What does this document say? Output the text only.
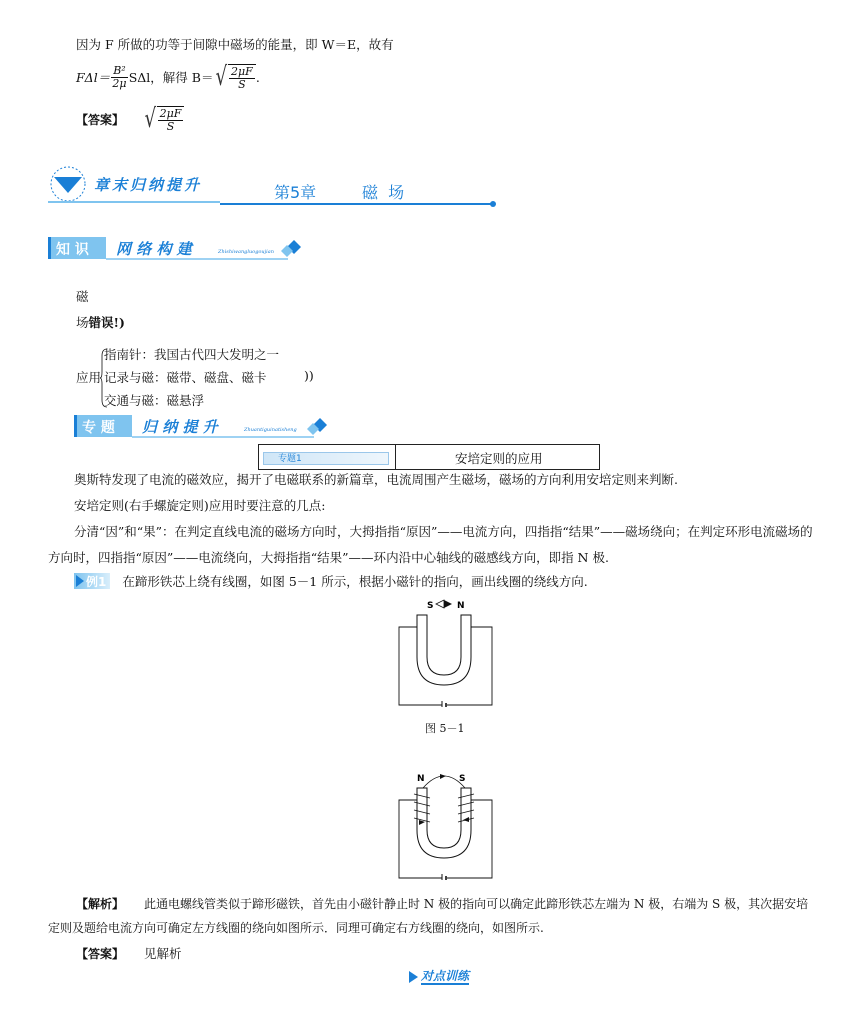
因为 F 所做的功等于间隙中磁场的能量，即 W＝E，故有
$F\Delta l= \frac{\text{B²}}{2\mu}$ SΔl，解得 B＝ √ $\frac{2\mu F}{S}$ .
【答案】 √ $\frac{2\mu F}{S}$
章末归纳提升	第5章	磁  场
知 识 网 络 构 建	Zhishiwangluogoujian
磁
场错误!)
应用
指南针：我国古代四大发明之一
记录与磁：磁带、磁盘、磁卡	))
交通与磁：磁悬浮
专 题 归 纳 提 升	Zhuantiguinatisheng
专题1	安培定则的应用
奥斯特发现了电流的磁效应，揭开了电磁联系的新篇章，电流周围产生磁场，磁场的方向利用安培定则来判断.
安培定则(右手螺旋定则)应用时要注意的几点:
分清“因”和“果”：在判定直线电流的磁场方向时，大拇指指“原因”——电流方向，四指指“结果”——磁场绕向；在判定环形电流磁场的方向时，四指指“原因”——电流绕向，大拇指指“结果”——环内沿中心轴线的磁感线方向，即指 N 极.
例1 在蹄形铁芯上绕有线圈，如图 5－1 所示，根据小磁针的指向，画出线圈的绕线方向.
S	N
图 5－1
N	S
【解析】 此通电螺线管类似于蹄形磁铁，首先由小磁针静止时 N 极的指向可以确定此蹄形铁芯左端为 N 极，右端为 S 极，其次据安培定则及题给电流方向可确定左方线圈的绕向如图所示．同理可确定右方线圈的绕向，如图所示.
【答案】 见解析
对点训练
